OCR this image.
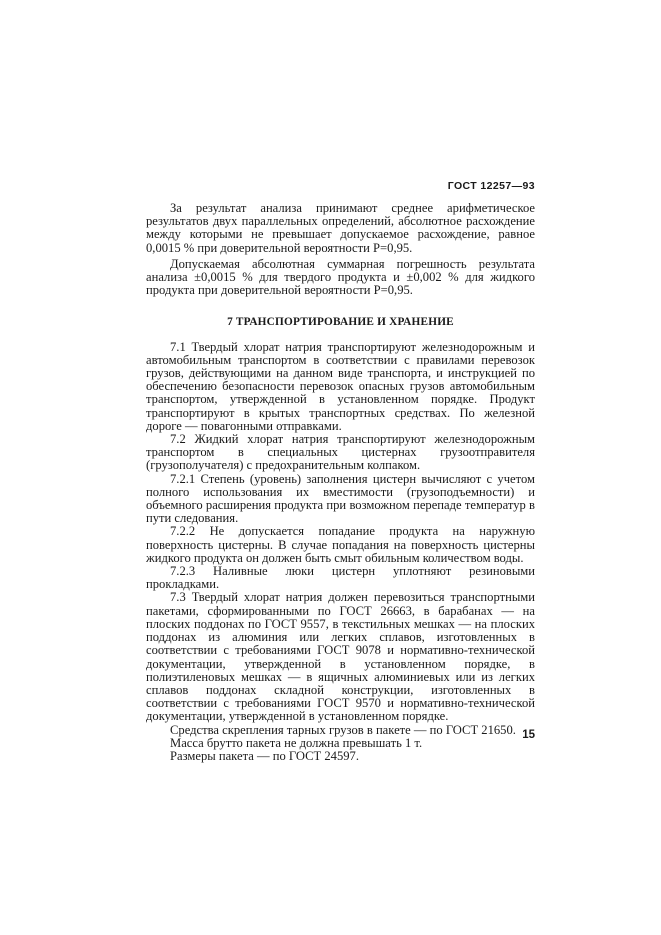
ГОСТ 12257—93

За результат анализа принимают среднее арифметическое результатов двух параллельных определений, абсолютное расхождение между которыми не превышает допускаемое расхождение, равное 0,0015 % при доверительной вероятности P=0,95.

Допускаемая абсолютная суммарная погрешность результата анализа ±0,0015 % для твердого продукта и ±0,002 % для жидкого продукта при доверительной вероятности P=0,95.

7 ТРАНСПОРТИРОВАНИЕ И ХРАНЕНИЕ

7.1 Твердый хлорат натрия транспортируют железнодорожным и автомобильным транспортом в соответствии с правилами перевозок грузов, действующими на данном виде транспорта, и инструкцией по обеспечению безопасности перевозок опасных грузов автомобильным транспортом, утвержденной в установленном порядке. Продукт транспортируют в крытых транспортных средствах. По железной дороге — повагонными отправками.

7.2 Жидкий хлорат натрия транспортируют железнодорожным транспортом в специальных цистернах грузоотправителя (грузополучателя) с предохранительным колпаком.

7.2.1 Степень (уровень) заполнения цистерн вычисляют с учетом полного использования их вместимости (грузоподъемности) и объемного расширения продукта при возможном перепаде температур в пути следования.

7.2.2 Не допускается попадание продукта на наружную поверхность цистерны. В случае попадания на поверхность цистерны жидкого продукта он должен быть смыт обильным количеством воды.

7.2.3 Наливные люки цистерн уплотняют резиновыми прокладками.

7.3 Твердый хлорат натрия должен перевозиться транспортными пакетами, сформированными по ГОСТ 26663, в барабанах — на плоских поддонах по ГОСТ 9557, в текстильных мешках — на плоских поддонах из алюминия или легких сплавов, изготовленных в соответствии с требованиями ГОСТ 9078 и нормативно-технической документации, утвержденной в установленном порядке, в полиэтиленовых мешках — в ящичных алюминиевых или из легких сплавов поддонах складной конструкции, изготовленных в соответствии с требованиями ГОСТ 9570 и нормативно-технической документации, утвержденной в установленном порядке.

Средства скрепления тарных грузов в пакете — по ГОСТ 21650.

Масса брутто пакета не должна превышать 1 т.

Размеры пакета — по ГОСТ 24597.

15
